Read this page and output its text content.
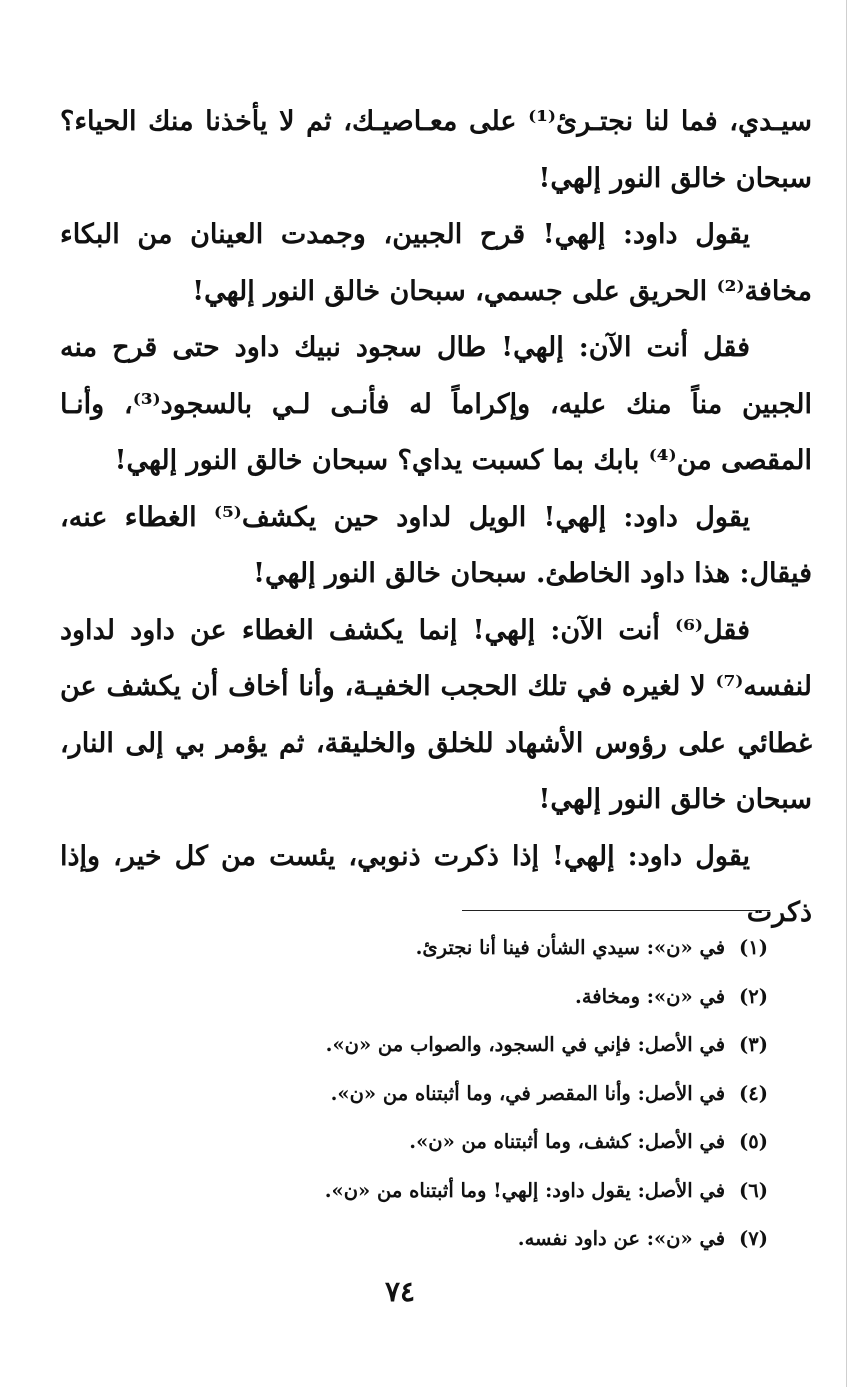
سيـدي، فما لنا نجتـرئ⁽¹⁾ على معـاصيـك، ثم لا يأخذنا منك الحياء؟ سبحان خالق النور إلهي!

يقول داود: إلهي! قرح الجبين، وجمدت العينان من البكاء مخافة⁽²⁾ الحريق على جسمي، سبحان خالق النور إلهي!

فقل أنت الآن: إلهي! طال سجود نبيك داود حتى قرح منه الجبين مناً منك عليه، وإكراماً له فأنـى لـي بالسجود⁽³⁾، وأنـا المقصى من⁽⁴⁾ بابك بما كسبت يداي؟ سبحان خالق النور إلهي!

يقول داود: إلهي! الويل لداود حين يكشف⁽⁵⁾ الغطاء عنه، فيقال: هذا داود الخاطئ. سبحان خالق النور إلهي!

فقل⁽⁶⁾ أنت الآن: إلهي! إنما يكشف الغطاء عن داود لداود لنفسه⁽⁷⁾ لا لغيره في تلك الحجب الخفيـة، وأنا أخاف أن يكشف عن غطائي على رؤوس الأشهاد للخلق والخليقة، ثم يؤمر بي إلى النار، سبحان خالق النور إلهي!

يقول داود: إلهي! إذا ذكرت ذنوبي، يئست من كل خير، وإذا ذكرت

(١)في «ن»: سيدي الشأن فينا أنا نجترئ.
(٢)في «ن»: ومخافة.
(٣)في الأصل: فإني في السجود، والصواب من «ن».
(٤)في الأصل: وأنا المقصر في، وما أثبتناه من «ن».
(٥)في الأصل: كشف، وما أثبتناه من «ن».
(٦)في الأصل: يقول داود: إلهي! وما أثبتناه من «ن».
(٧)في «ن»: عن داود نفسه.
٧٤
